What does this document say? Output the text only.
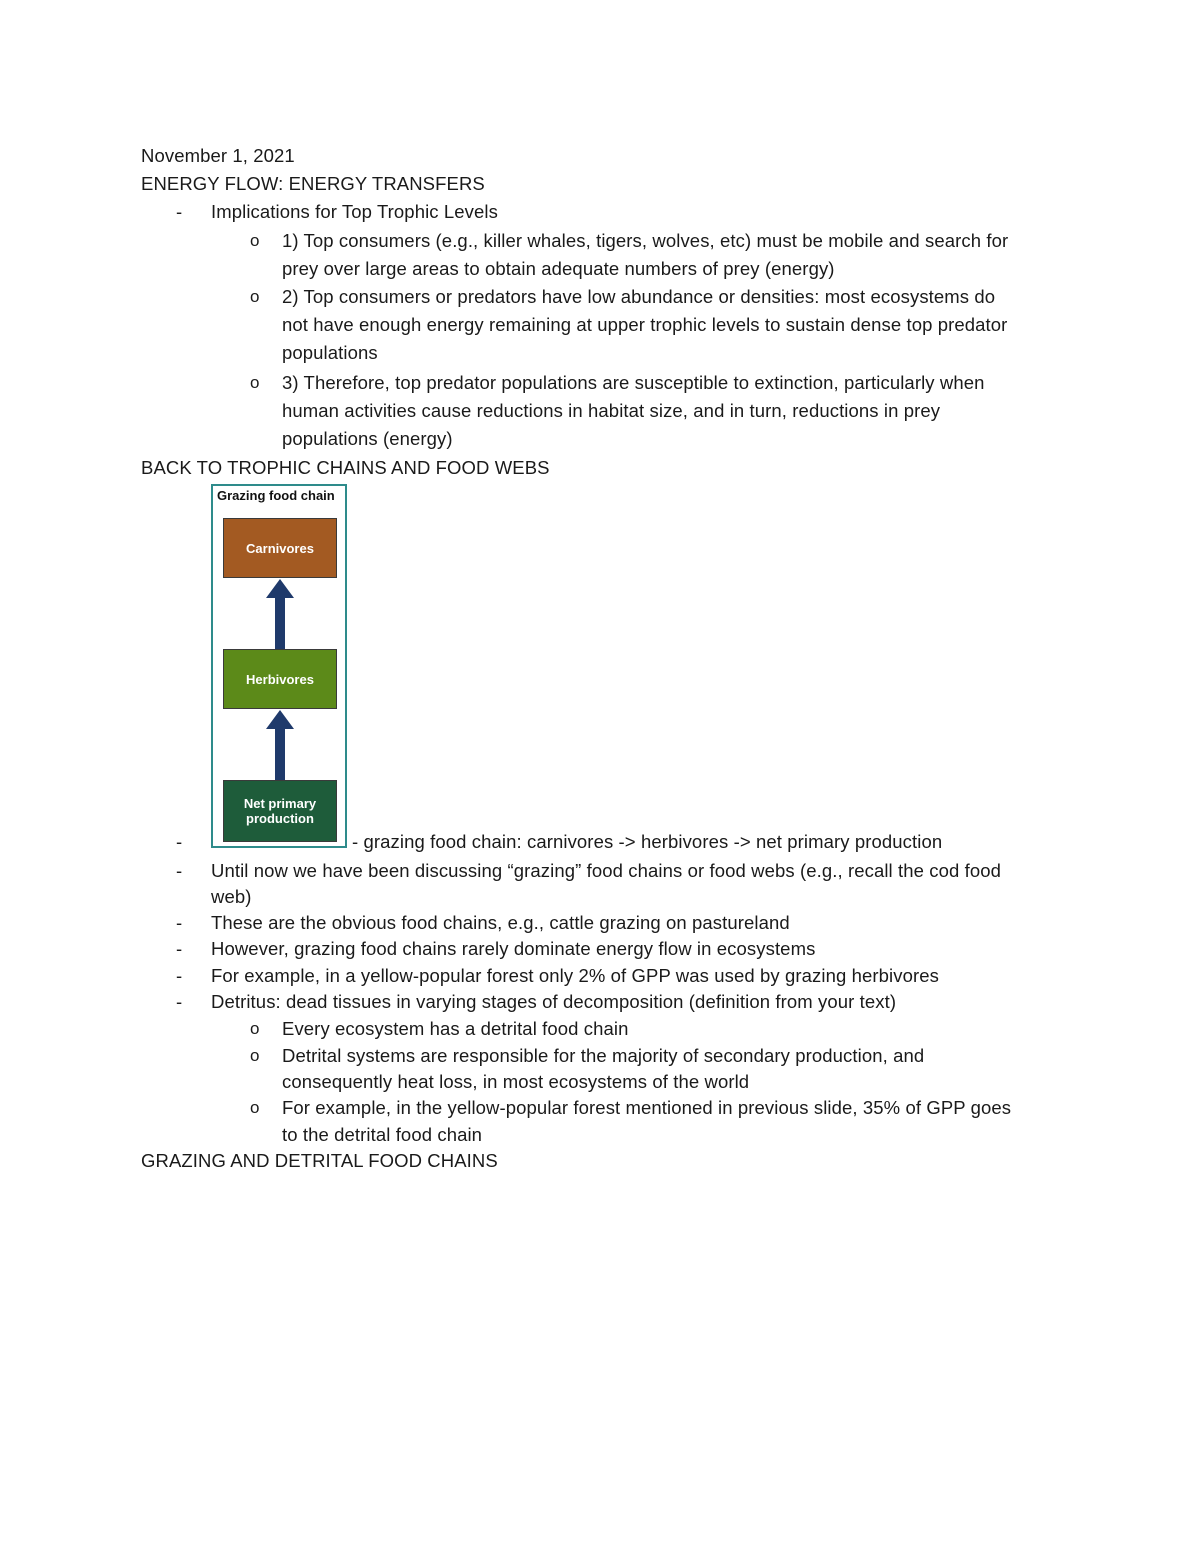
November 1, 2021
ENERGY FLOW: ENERGY TRANSFERS
- Implications for Top Trophic Levels
o 1) Top consumers (e.g., killer whales, tigers, wolves, etc) must be mobile and search for
prey over large areas to obtain adequate numbers of prey (energy)
o 2) Top consumers or predators have low abundance or densities: most ecosystems do
not have enough energy remaining at upper trophic levels to sustain dense top predator
populations
o 3) Therefore, top predator populations are susceptible to extinction, particularly when
human activities cause reductions in habitat size, and in turn, reductions in prey
populations (energy)
BACK TO TROPHIC CHAINS AND FOOD WEBS
Grazing food chain
Carnivores
Herbivores
Net primary production
-	- grazing food chain: carnivores -> herbivores -> net primary production
- Until now we have been discussing “grazing” food chains or food webs (e.g., recall the cod food
web)
- These are the obvious food chains, e.g., cattle grazing on pastureland
- However, grazing food chains rarely dominate energy flow in ecosystems
- For example, in a yellow-popular forest only 2% of GPP was used by grazing herbivores
- Detritus: dead tissues in varying stages of decomposition (definition from your text)
o Every ecosystem has a detrital food chain
o Detrital systems are responsible for the majority of secondary production, and
consequently heat loss, in most ecosystems of the world
o For example, in the yellow-popular forest mentioned in previous slide, 35% of GPP goes
to the detrital food chain
GRAZING AND DETRITAL FOOD CHAINS
